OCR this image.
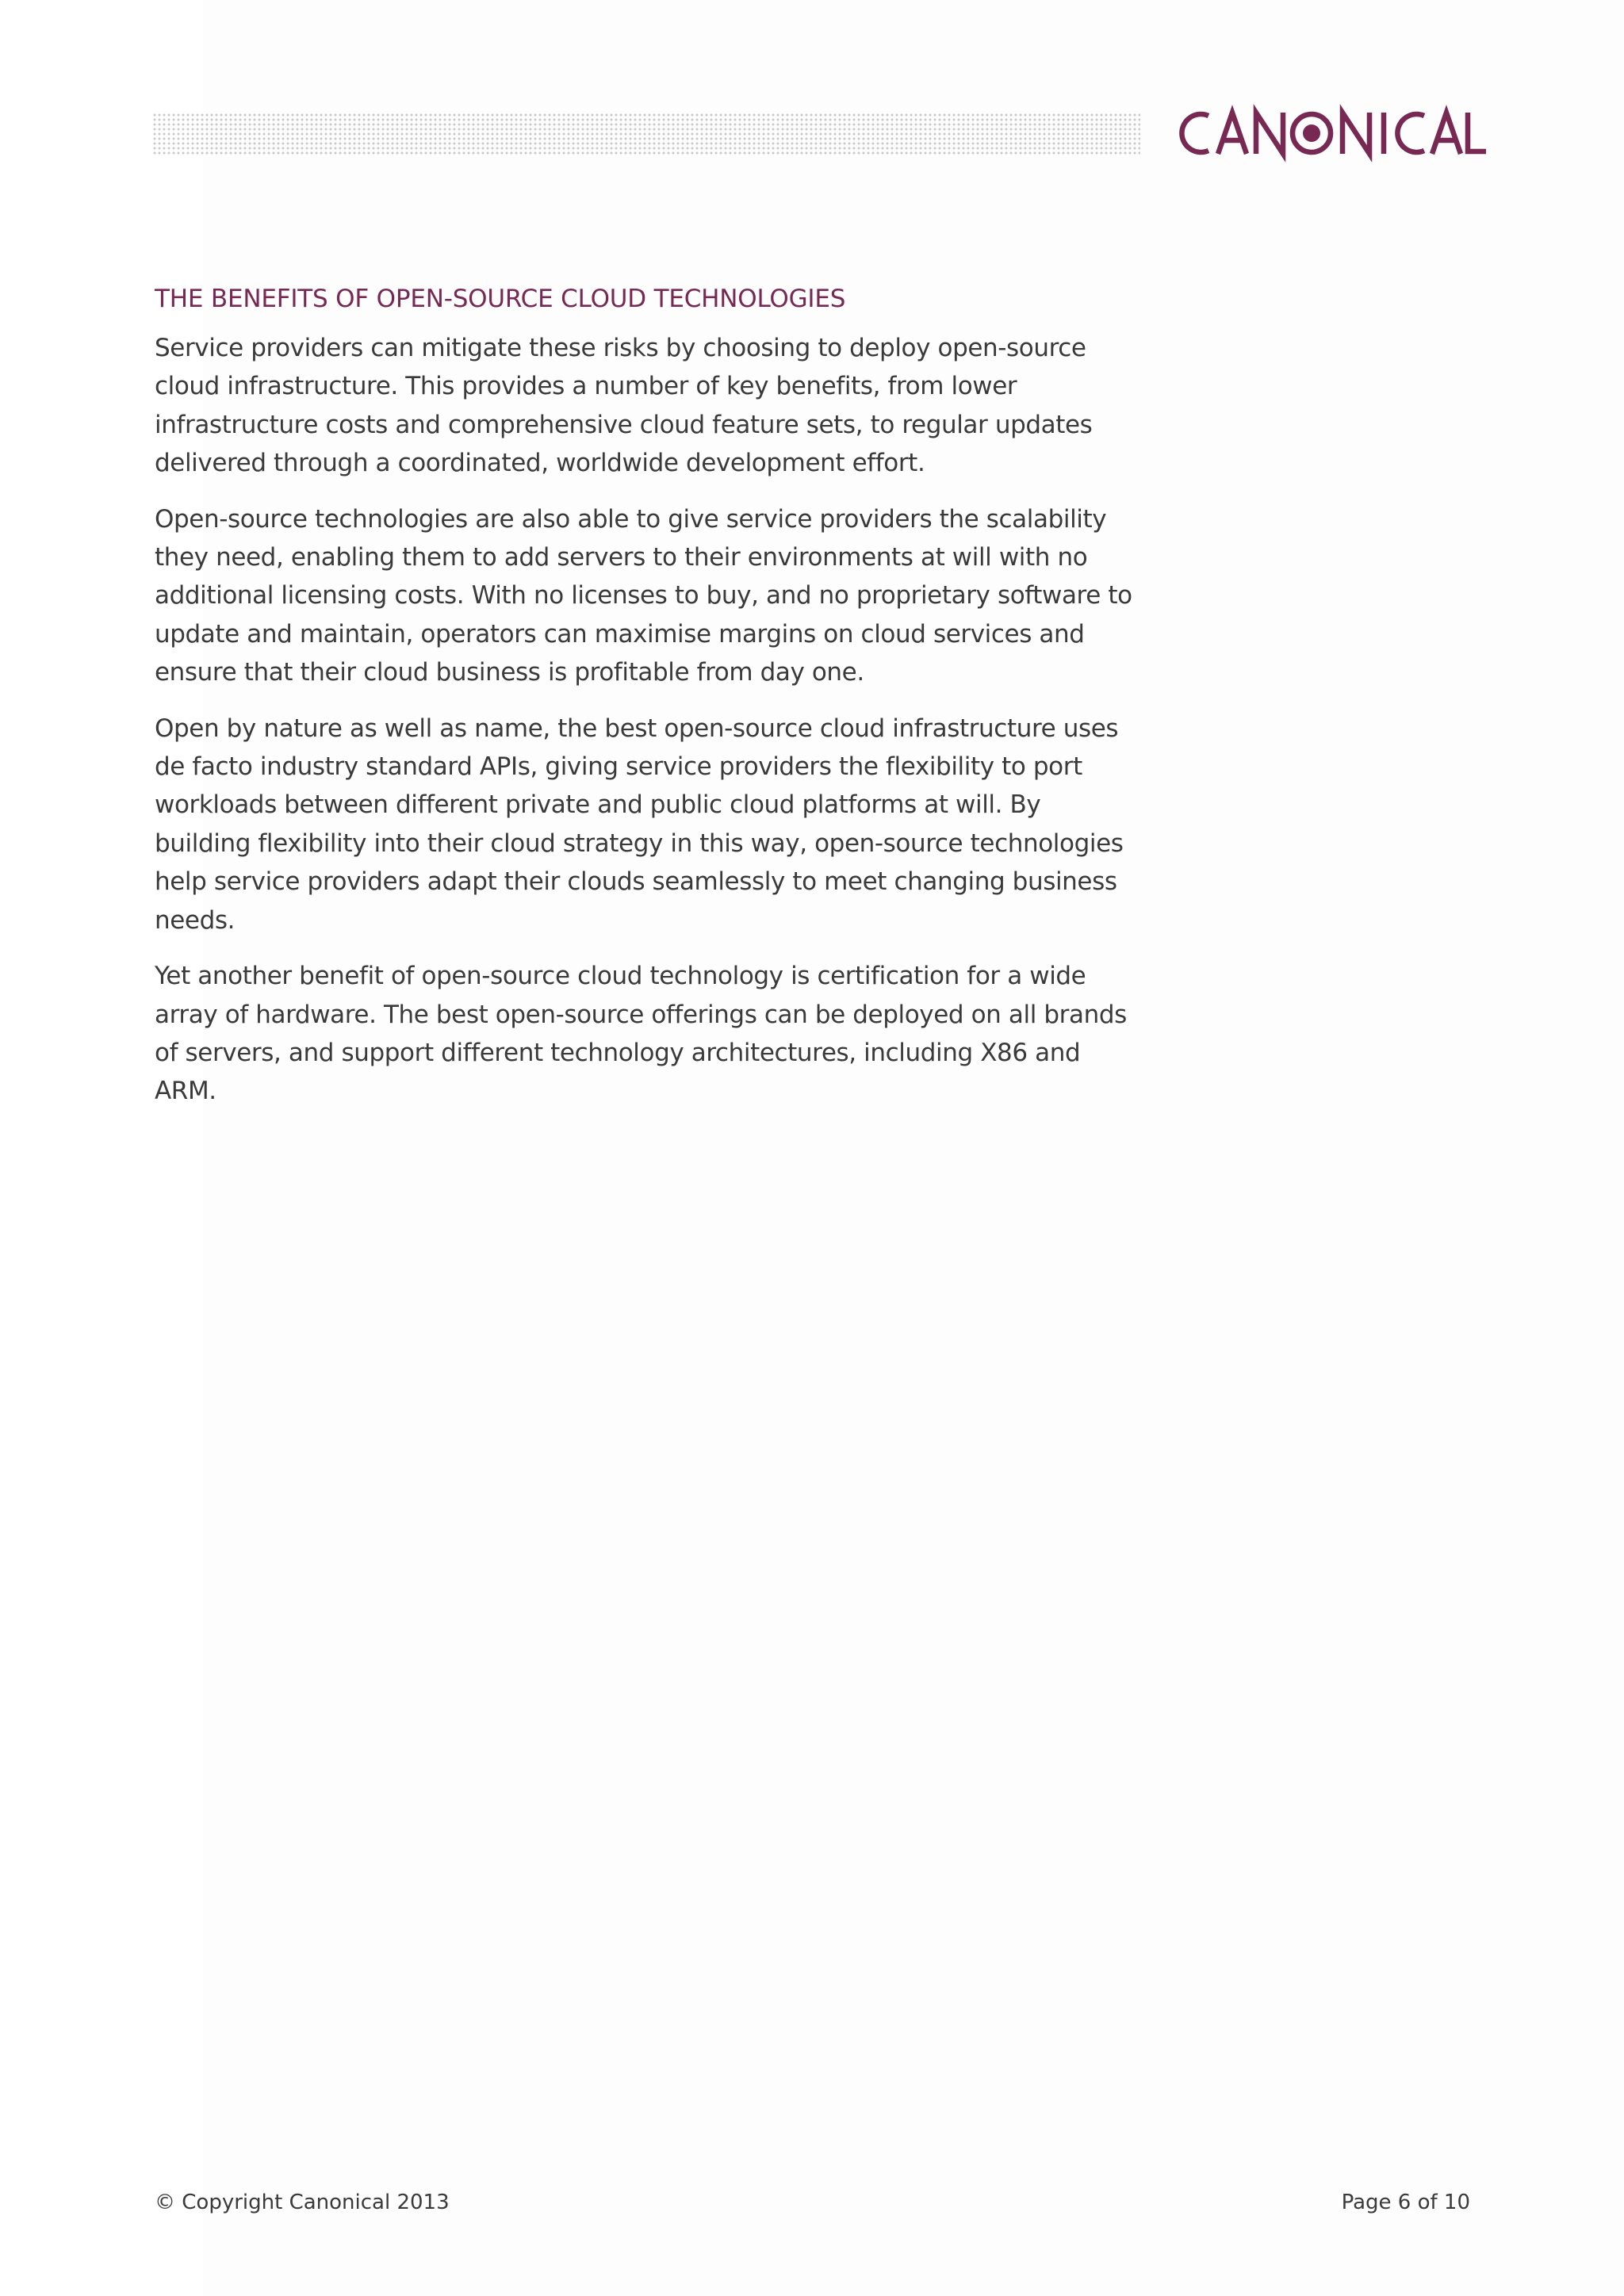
THE BENEFITS OF OPEN-SOURCE CLOUD TECHNOLOGIES

Service providers can mitigate these risks by choosing to deploy open-source cloud infrastructure. This provides a number of key benefits, from lower infrastructure costs and comprehensive cloud feature sets, to regular updates delivered through a coordinated, worldwide development effort.

Open-source technologies are also able to give service providers the scalability they need, enabling them to add servers to their environments at will with no additional licensing costs. With no licenses to buy, and no proprietary software to update and maintain, operators can maximise margins on cloud services and ensure that their cloud business is profitable from day one.

Open by nature as well as name, the best open-source cloud infrastructure uses de facto industry standard APIs, giving service providers the flexibility to port workloads between different private and public cloud platforms at will. By building flexibility into their cloud strategy in this way, open-source technologies help service providers adapt their clouds seamlessly to meet changing business needs.

Yet another benefit of open-source cloud technology is certification for a wide array of hardware. The best open-source offerings can be deployed on all brands of servers, and support different technology architectures, including X86 and ARM.

© Copyright Canonical 2013	Page 6 of 10
